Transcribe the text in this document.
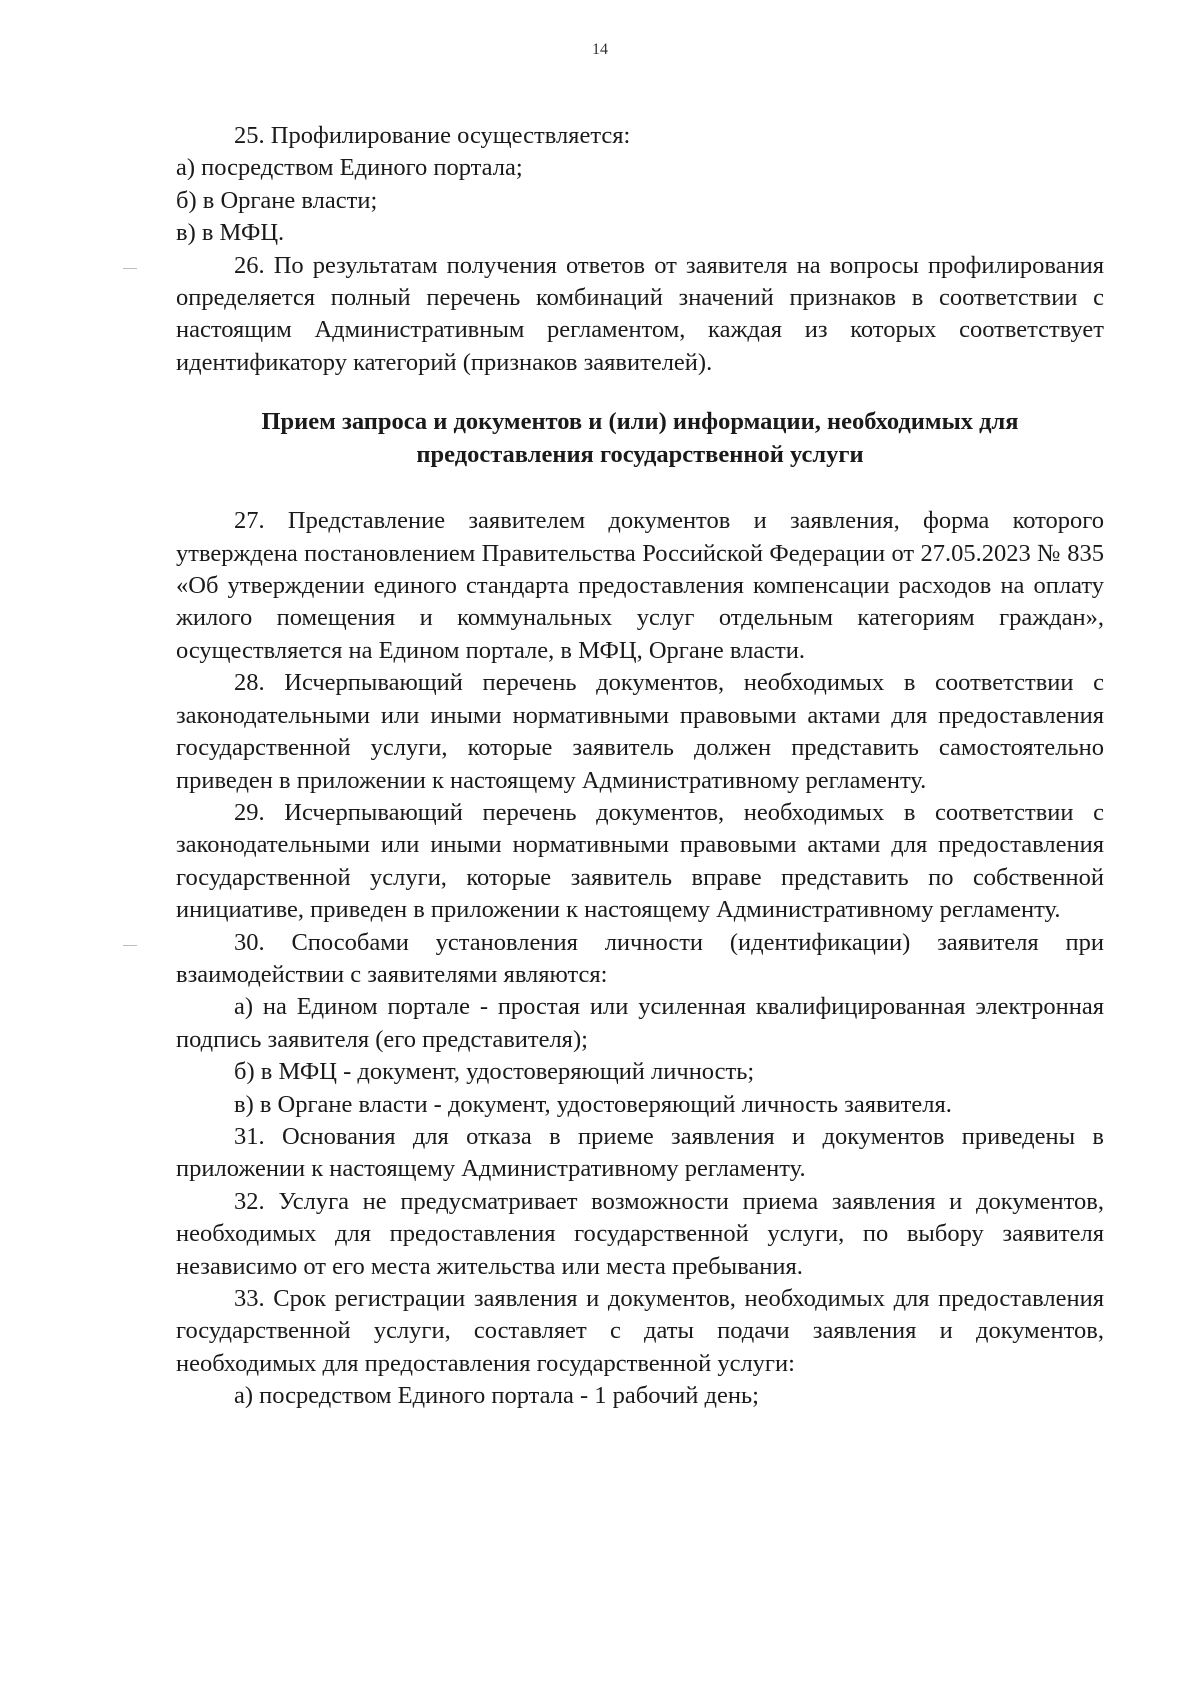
14

25. Профилирование осуществляется:

а) посредством Единого портала;

б) в Органе власти;

в) в МФЦ.

26. По результатам получения ответов от заявителя на вопросы профилирования определяется полный перечень комбинаций значений признаков в соответствии с настоящим Административным регламентом, каждая из которых соответствует идентификатору категорий (признаков заявителей).

Прием запроса и документов и (или) информации, необходимых для предоставления государственной услуги

27. Представление заявителем документов и заявления, форма которого утверждена постановлением Правительства Российской Федерации от 27.05.2023 № 835 «Об утверждении единого стандарта предоставления компенсации расходов на оплату жилого помещения и коммунальных услуг отдельным категориям граждан», осуществляется на Едином портале, в МФЦ, Органе власти.

28. Исчерпывающий перечень документов, необходимых в соответствии с законодательными или иными нормативными правовыми актами для предоставления государственной услуги, которые заявитель должен представить самостоятельно приведен в приложении к настоящему Административному регламенту.

29. Исчерпывающий перечень документов, необходимых в соответствии с законодательными или иными нормативными правовыми актами для предоставления государственной услуги, которые заявитель вправе представить по собственной инициативе, приведен в приложении к настоящему Административному регламенту.

30. Способами установления личности (идентификации) заявителя при взаимодействии с заявителями являются:

а) на Едином портале - простая или усиленная квалифицированная электронная подпись заявителя (его представителя);

б) в МФЦ - документ, удостоверяющий личность;

в) в Органе власти - документ, удостоверяющий личность заявителя.

31. Основания для отказа в приеме заявления и документов приведены в приложении к настоящему Административному регламенту.

32. Услуга не предусматривает возможности приема заявления и документов, необходимых для предоставления государственной услуги, по выбору заявителя независимо от его места жительства или места пребывания.

33. Срок регистрации заявления и документов, необходимых для предоставления государственной услуги, составляет с даты подачи заявления и документов, необходимых для предоставления государственной услуги:

а) посредством Единого портала - 1 рабочий день;
